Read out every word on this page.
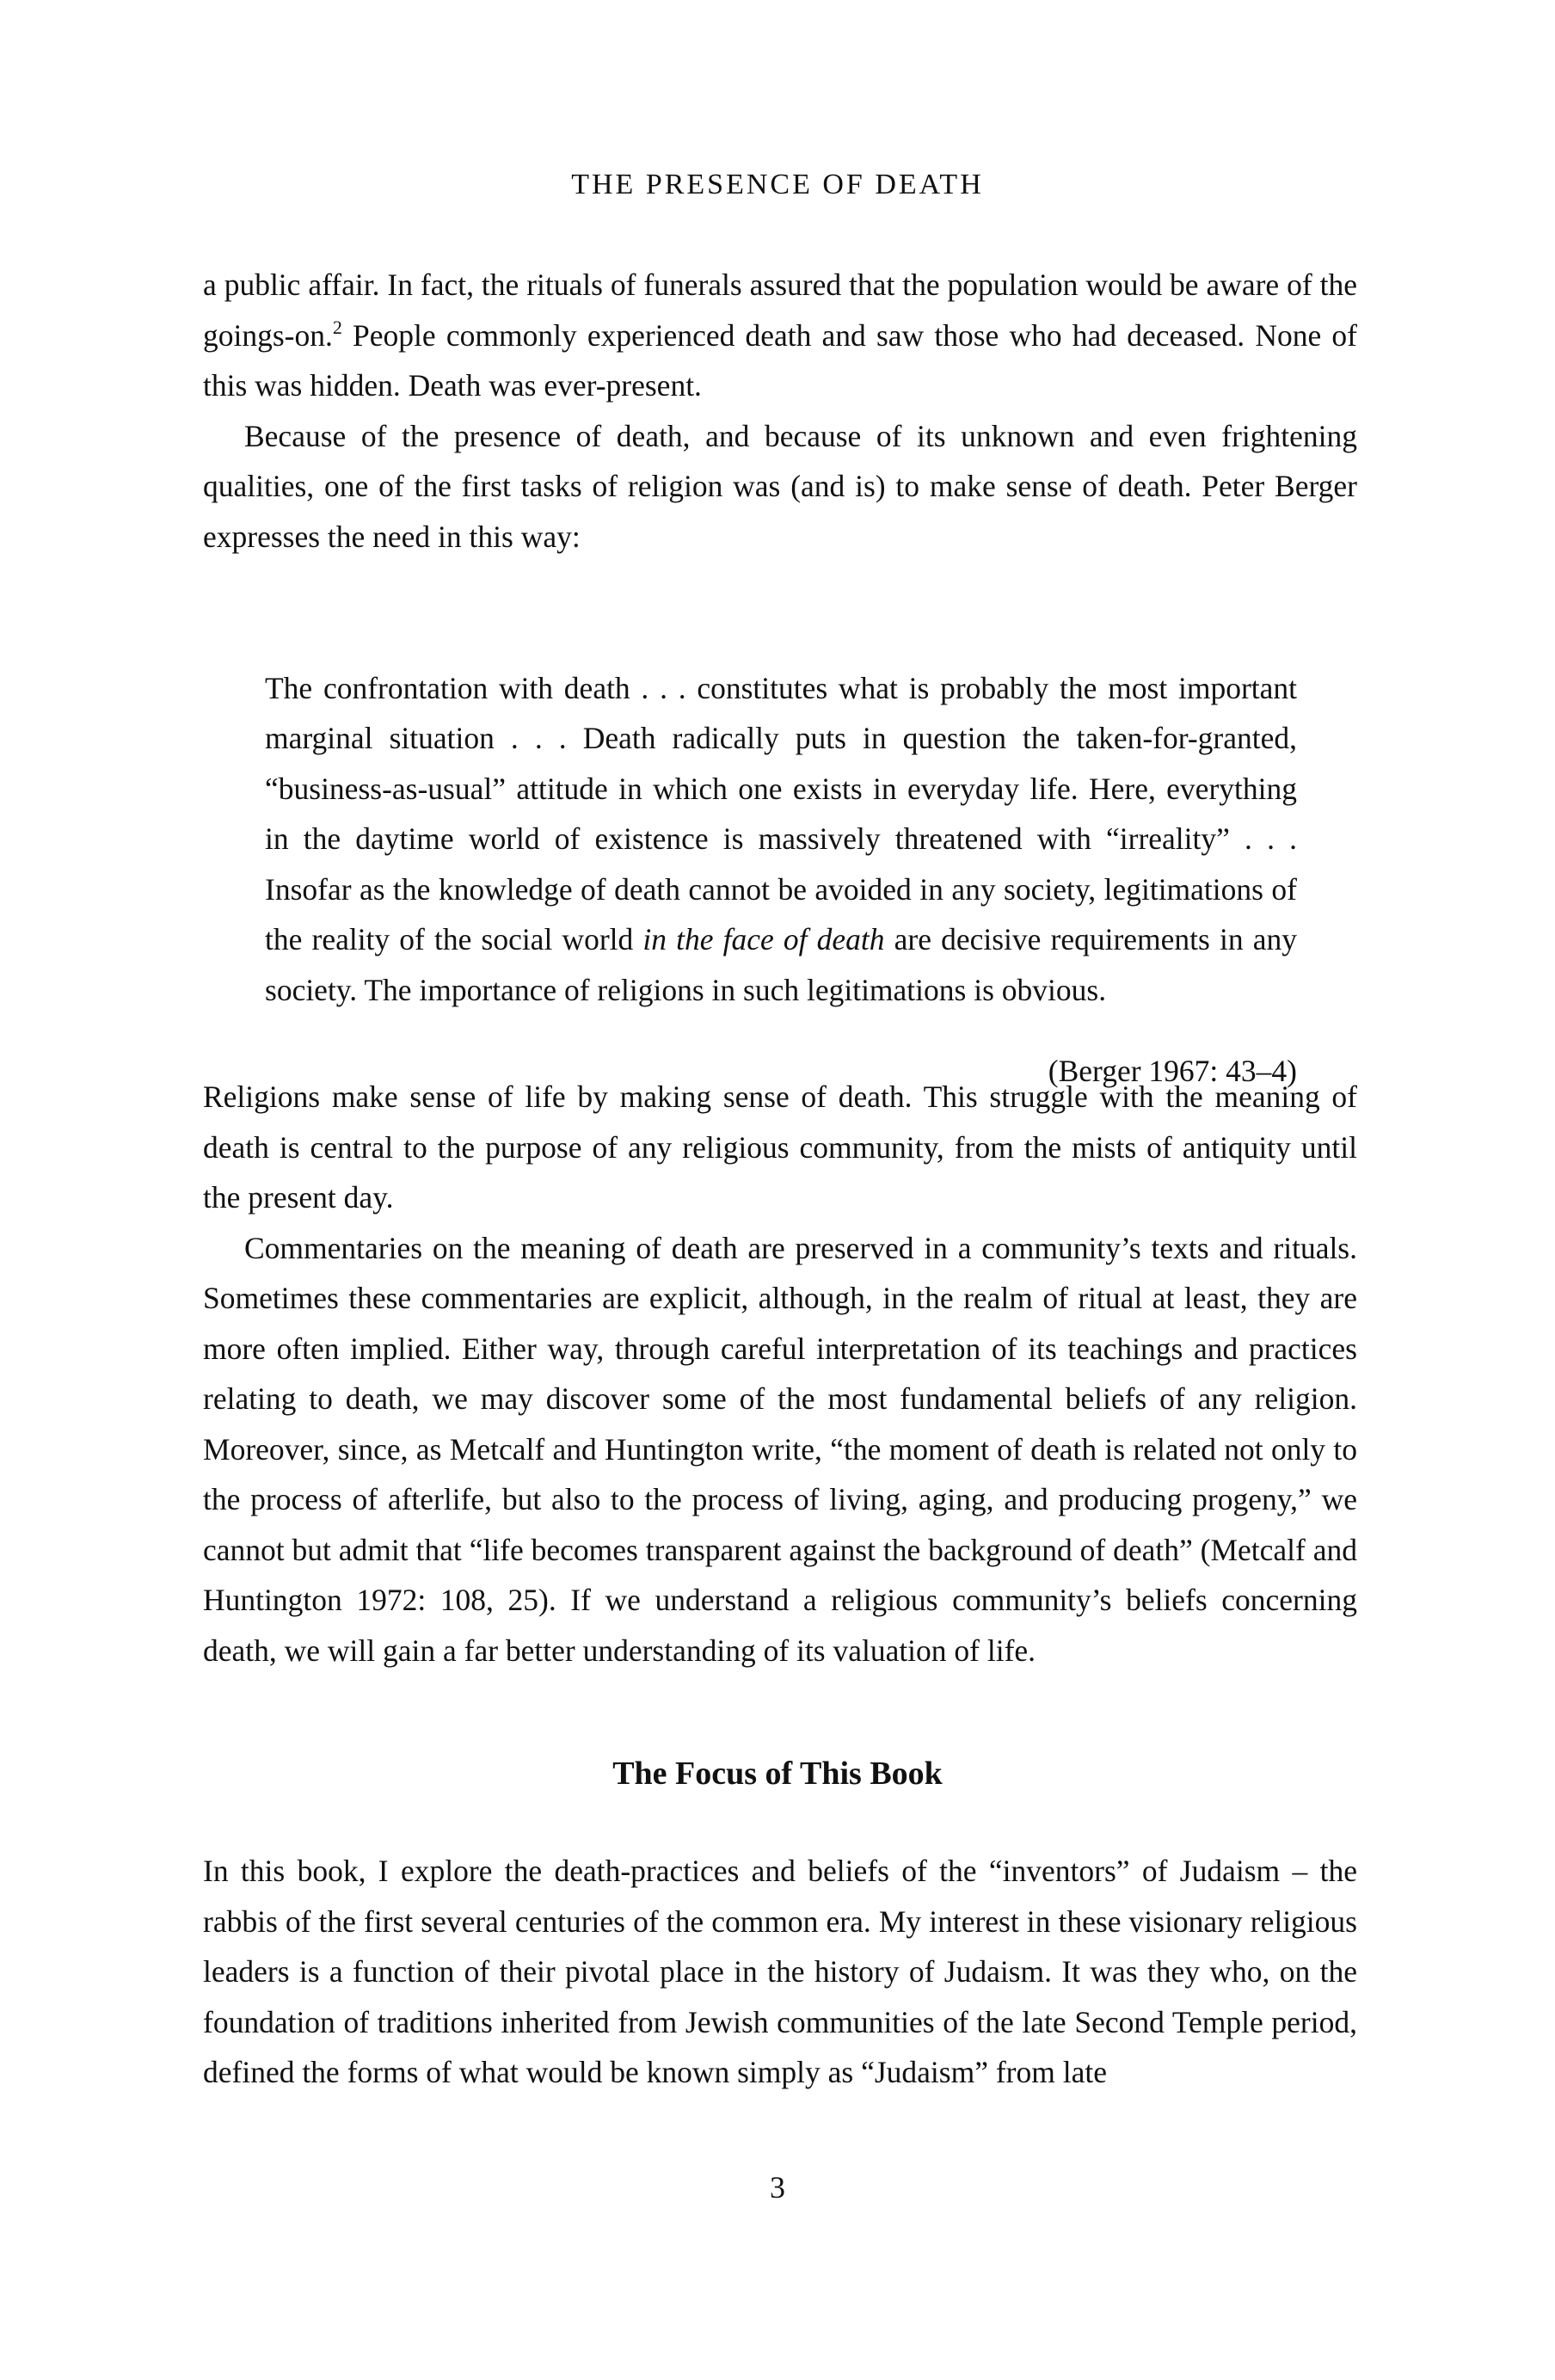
THE PRESENCE OF DEATH

a public affair. In fact, the rituals of funerals assured that the population would be aware of the goings-on.$^2$ People commonly experienced death and saw those who had deceased. None of this was hidden. Death was ever-present.

Because of the presence of death, and because of its unknown and even frightening qualities, one of the first tasks of religion was (and is) to make sense of death. Peter Berger expresses the need in this way:

The confrontation with death . . . constitutes what is probably the most important marginal situation . . . Death radically puts in question the taken-for-granted, “business-as-usual” attitude in which one exists in everyday life. Here, everything in the daytime world of existence is massively threatened with “irreality” . . . Insofar as the knowledge of death cannot be avoided in any society, legitimations of the reality of the social world in the face of death are decisive requirements in any society. The importance of religions in such legitimations is obvious.

(Berger 1967: 43–4)

Religions make sense of life by making sense of death. This struggle with the meaning of death is central to the purpose of any religious community, from the mists of antiquity until the present day.

Commentaries on the meaning of death are preserved in a community’s texts and rituals. Sometimes these commentaries are explicit, although, in the realm of ritual at least, they are more often implied. Either way, through careful interpretation of its teachings and practices relating to death, we may discover some of the most fundamental beliefs of any religion. Moreover, since, as Metcalf and Huntington write, “the moment of death is related not only to the process of afterlife, but also to the process of living, aging, and producing progeny,” we cannot but admit that “life becomes transparent against the background of death” (Metcalf and Huntington 1972: 108, 25). If we understand a religious community’s beliefs concerning death, we will gain a far better understanding of its valuation of life.

The Focus of This Book

In this book, I explore the death-practices and beliefs of the “inventors” of Judaism – the rabbis of the first several centuries of the common era. My interest in these visionary religious leaders is a function of their pivotal place in the history of Judaism. It was they who, on the foundation of traditions inherited from Jewish communities of the late Second Temple period, defined the forms of what would be known simply as “Judaism” from late

3
